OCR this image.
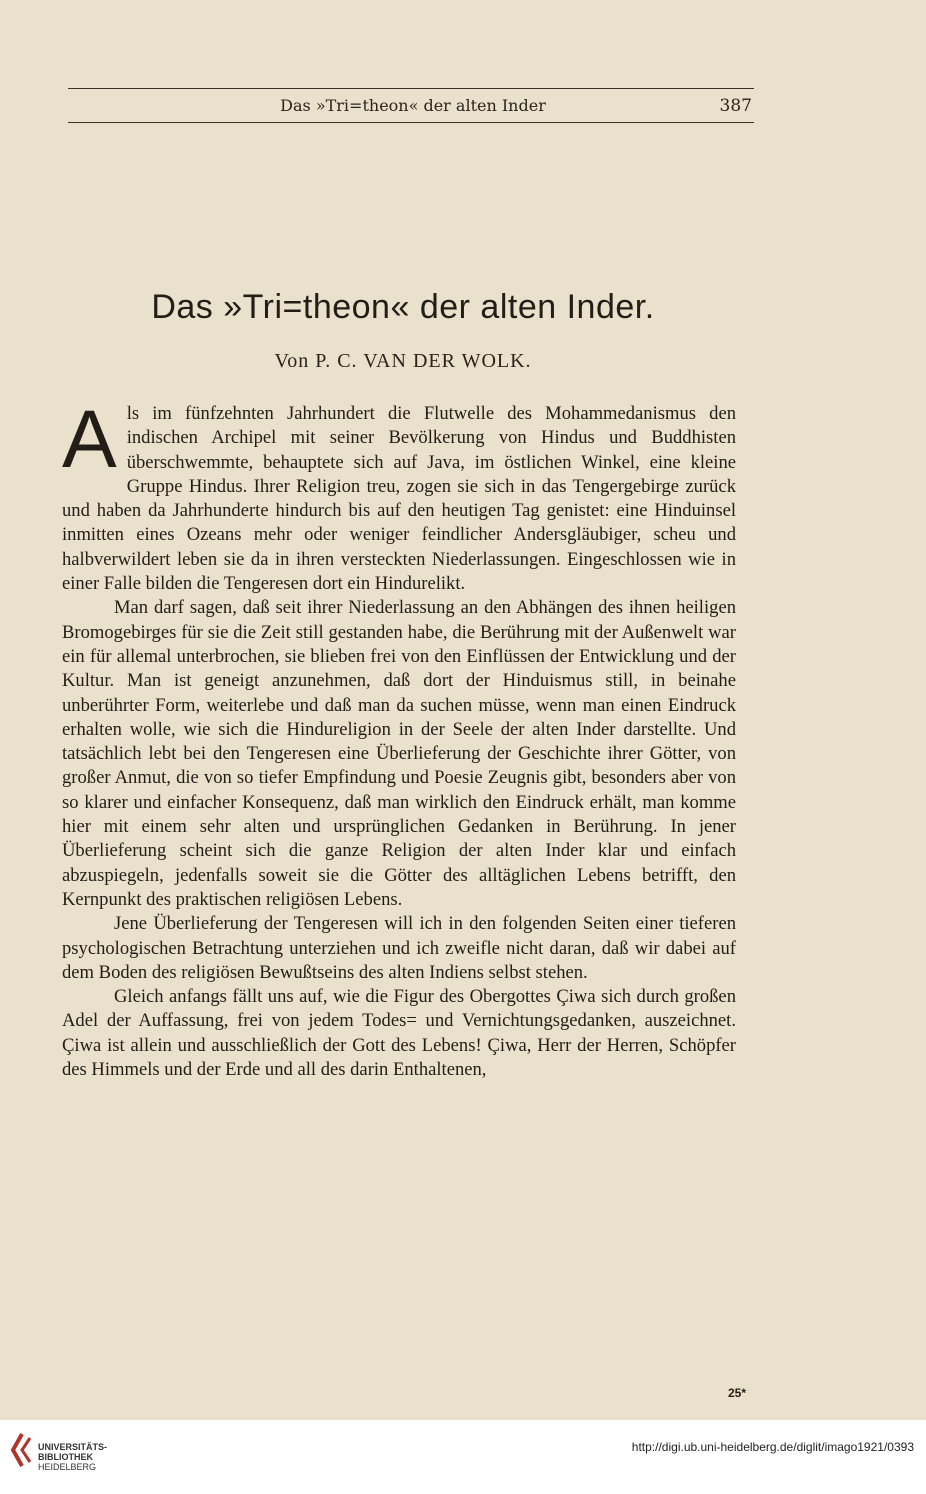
Das »Tri=theon« der alten Inder	387
Das »Tri=theon« der alten Inder.
Von P. C. VAN DER WOLK.

Als im fünfzehnten Jahrhundert die Flutwelle des Mohammedanismus den indischen Archipel mit seiner Bevölkerung von Hindus und Buddhisten überschwemmte, behauptete sich auf Java, im östlichen Winkel, eine kleine Gruppe Hindus. Ihrer Religion treu, zogen sie sich in das Tengergebirge zurück und haben da Jahrhunderte hindurch bis auf den heutigen Tag genistet: eine Hinduinsel inmitten eines Ozeans mehr oder weniger feindlicher Andersgläubiger, scheu und halbverwildert leben sie da in ihren versteckten Niederlassungen. Eingeschlossen wie in einer Falle bilden die Tengeresen dort ein Hindurelikt.

Man darf sagen, daß seit ihrer Niederlassung an den Abhängen des ihnen heiligen Bromogebirges für sie die Zeit still gestanden habe, die Berührung mit der Außenwelt war ein für allemal unterbrochen, sie blieben frei von den Einflüssen der Entwicklung und der Kultur. Man ist geneigt anzunehmen, daß dort der Hinduismus still, in beinahe unberührter Form, weiterlebe und daß man da suchen müsse, wenn man einen Eindruck erhalten wolle, wie sich die Hindureligion in der Seele der alten Inder darstellte. Und tatsächlich lebt bei den Tengeresen eine Überlieferung der Geschichte ihrer Götter, von großer Anmut, die von so tiefer Empfindung und Poesie Zeugnis gibt, besonders aber von so klarer und einfacher Konsequenz, daß man wirklich den Eindruck erhält, man komme hier mit einem sehr alten und ursprünglichen Gedanken in Berührung. In jener Überlieferung scheint sich die ganze Religion der alten Inder klar und einfach abzuspiegeln, jedenfalls soweit sie die Götter des alltäglichen Lebens betrifft, den Kernpunkt des praktischen religiösen Lebens.

Jene Überlieferung der Tengeresen will ich in den folgenden Seiten einer tieferen psychologischen Betrachtung unterziehen und ich zweifle nicht daran, daß wir dabei auf dem Boden des religiösen Bewußtseins des alten Indiens selbst stehen.

Gleich anfangs fällt uns auf, wie die Figur des Obergottes Çiwa sich durch großen Adel der Auffassung, frei von jedem Todes= und Vernichtungsgedanken, auszeichnet. Çiwa ist allein und ausschließlich der Gott des Lebens! Çiwa, Herr der Herren, Schöpfer des Himmels und der Erde und all des darin Enthaltenen,

25*
UNIVERSITÄTS-
BIBLIOTHEK
HEIDELBERG
http://digi.ub.uni-heidelberg.de/diglit/imago1921/0393
